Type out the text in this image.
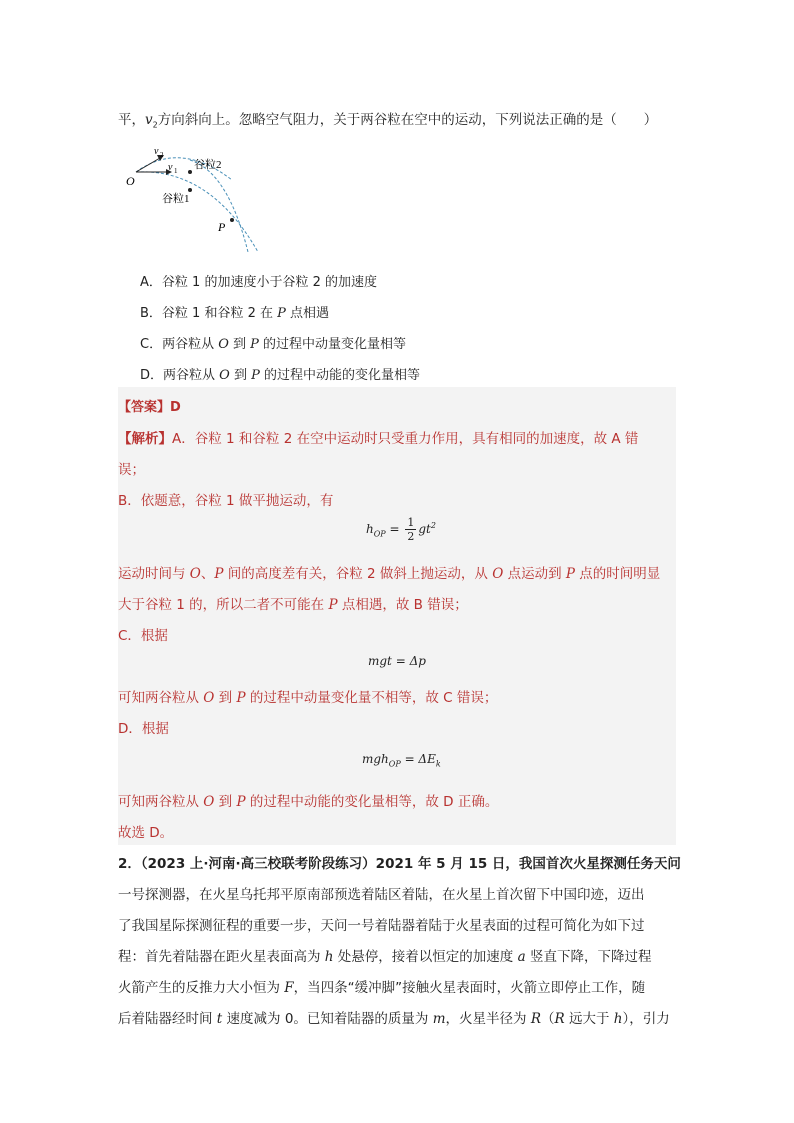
平，$v_2$方向斜向上。忽略空气阻力，关于两谷粒在空中的运动，下列说法正确的是（　　）
O
v 2
v 1 谷粒2
谷粒1
P
A．谷粒 1 的加速度小于谷粒 2 的加速度
B．谷粒 1 和谷粒 2 在 P 点相遇
C．两谷粒从 O 到 P 的过程中动量变化量相等
D．两谷粒从 O 到 P 的过程中动能的变化量相等
【答案】D
【解析】A．谷粒 1 和谷粒 2 在空中运动时只受重力作用，具有相同的加速度，故 A 错
误；
B．依题意，谷粒 1 做平抛运动，有
$h_{OP} = \frac{1}{2} gt^2$
运动时间与 O、P 间的高度差有关，谷粒 2 做斜上抛运动，从 O 点运动到 P 点的时间明显
大于谷粒 1 的，所以二者不可能在 P 点相遇，故 B 错误；
C．根据
mgt = Δp
可知两谷粒从 O 到 P 的过程中动量变化量不相等，故 C 错误；
D．根据
$mgh_{OP} = \Delta E_k$
可知两谷粒从 O 到 P 的过程中动能的变化量相等，故 D 正确。
故选 D。
2．（2023 上·河南·高三校联考阶段练习）2021 年 5 月 15 日，我国首次火星探测任务天问
一号探测器，在火星乌托邦平原南部预选着陆区着陆，在火星上首次留下中国印迹，迈出
了我国星际探测征程的重要一步，天问一号着陆器着陆于火星表面的过程可简化为如下过
程：首先着陆器在距火星表面高为 h 处悬停，接着以恒定的加速度 a 竖直下降，下降过程
火箭产生的反推力大小恒为 F，当四条“缓冲脚”接触火星表面时，火箭立即停止工作，随
后着陆器经时间 t 速度减为 0。已知着陆器的质量为 m，火星半径为 R（R 远大于 h），引力
